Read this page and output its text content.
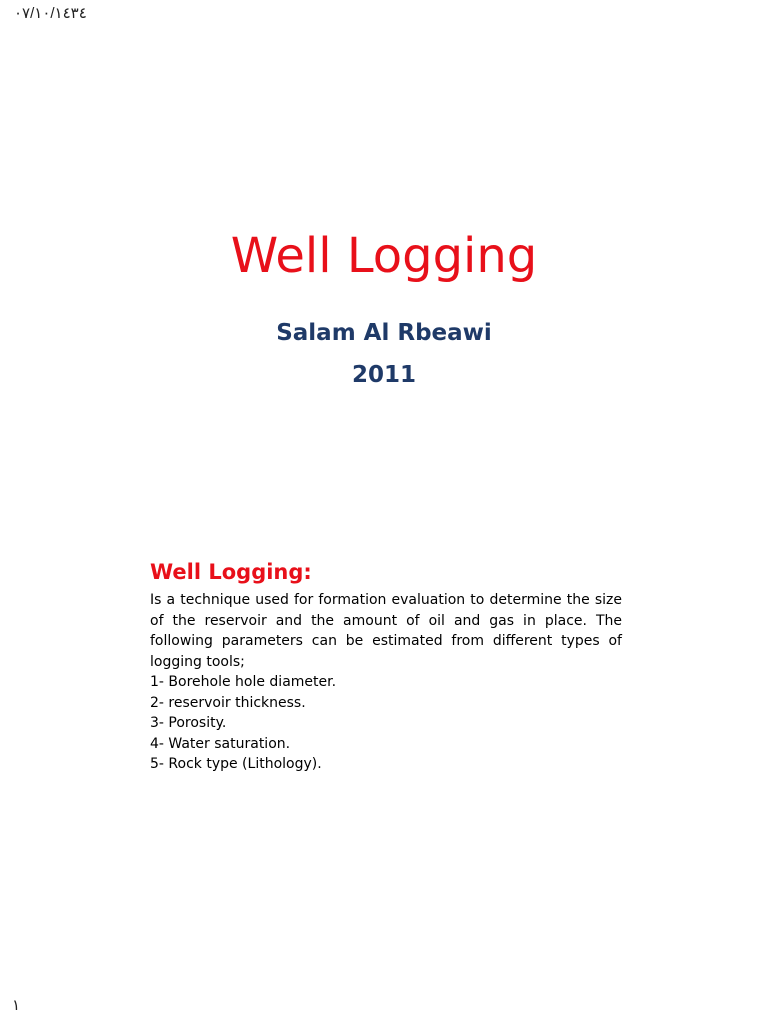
٠٧/١٠/١٤٣٤
Well Logging
Salam Al Rbeawi
2011
Well Logging:

Is a technique used for formation evaluation to determine the size of the reservoir and the amount of oil and gas in place. The following parameters can be estimated from different types of logging tools;

1- Borehole hole diameter.
2- reservoir thickness.
3- Porosity.
4- Water saturation.
5- Rock type (Lithology).
١
